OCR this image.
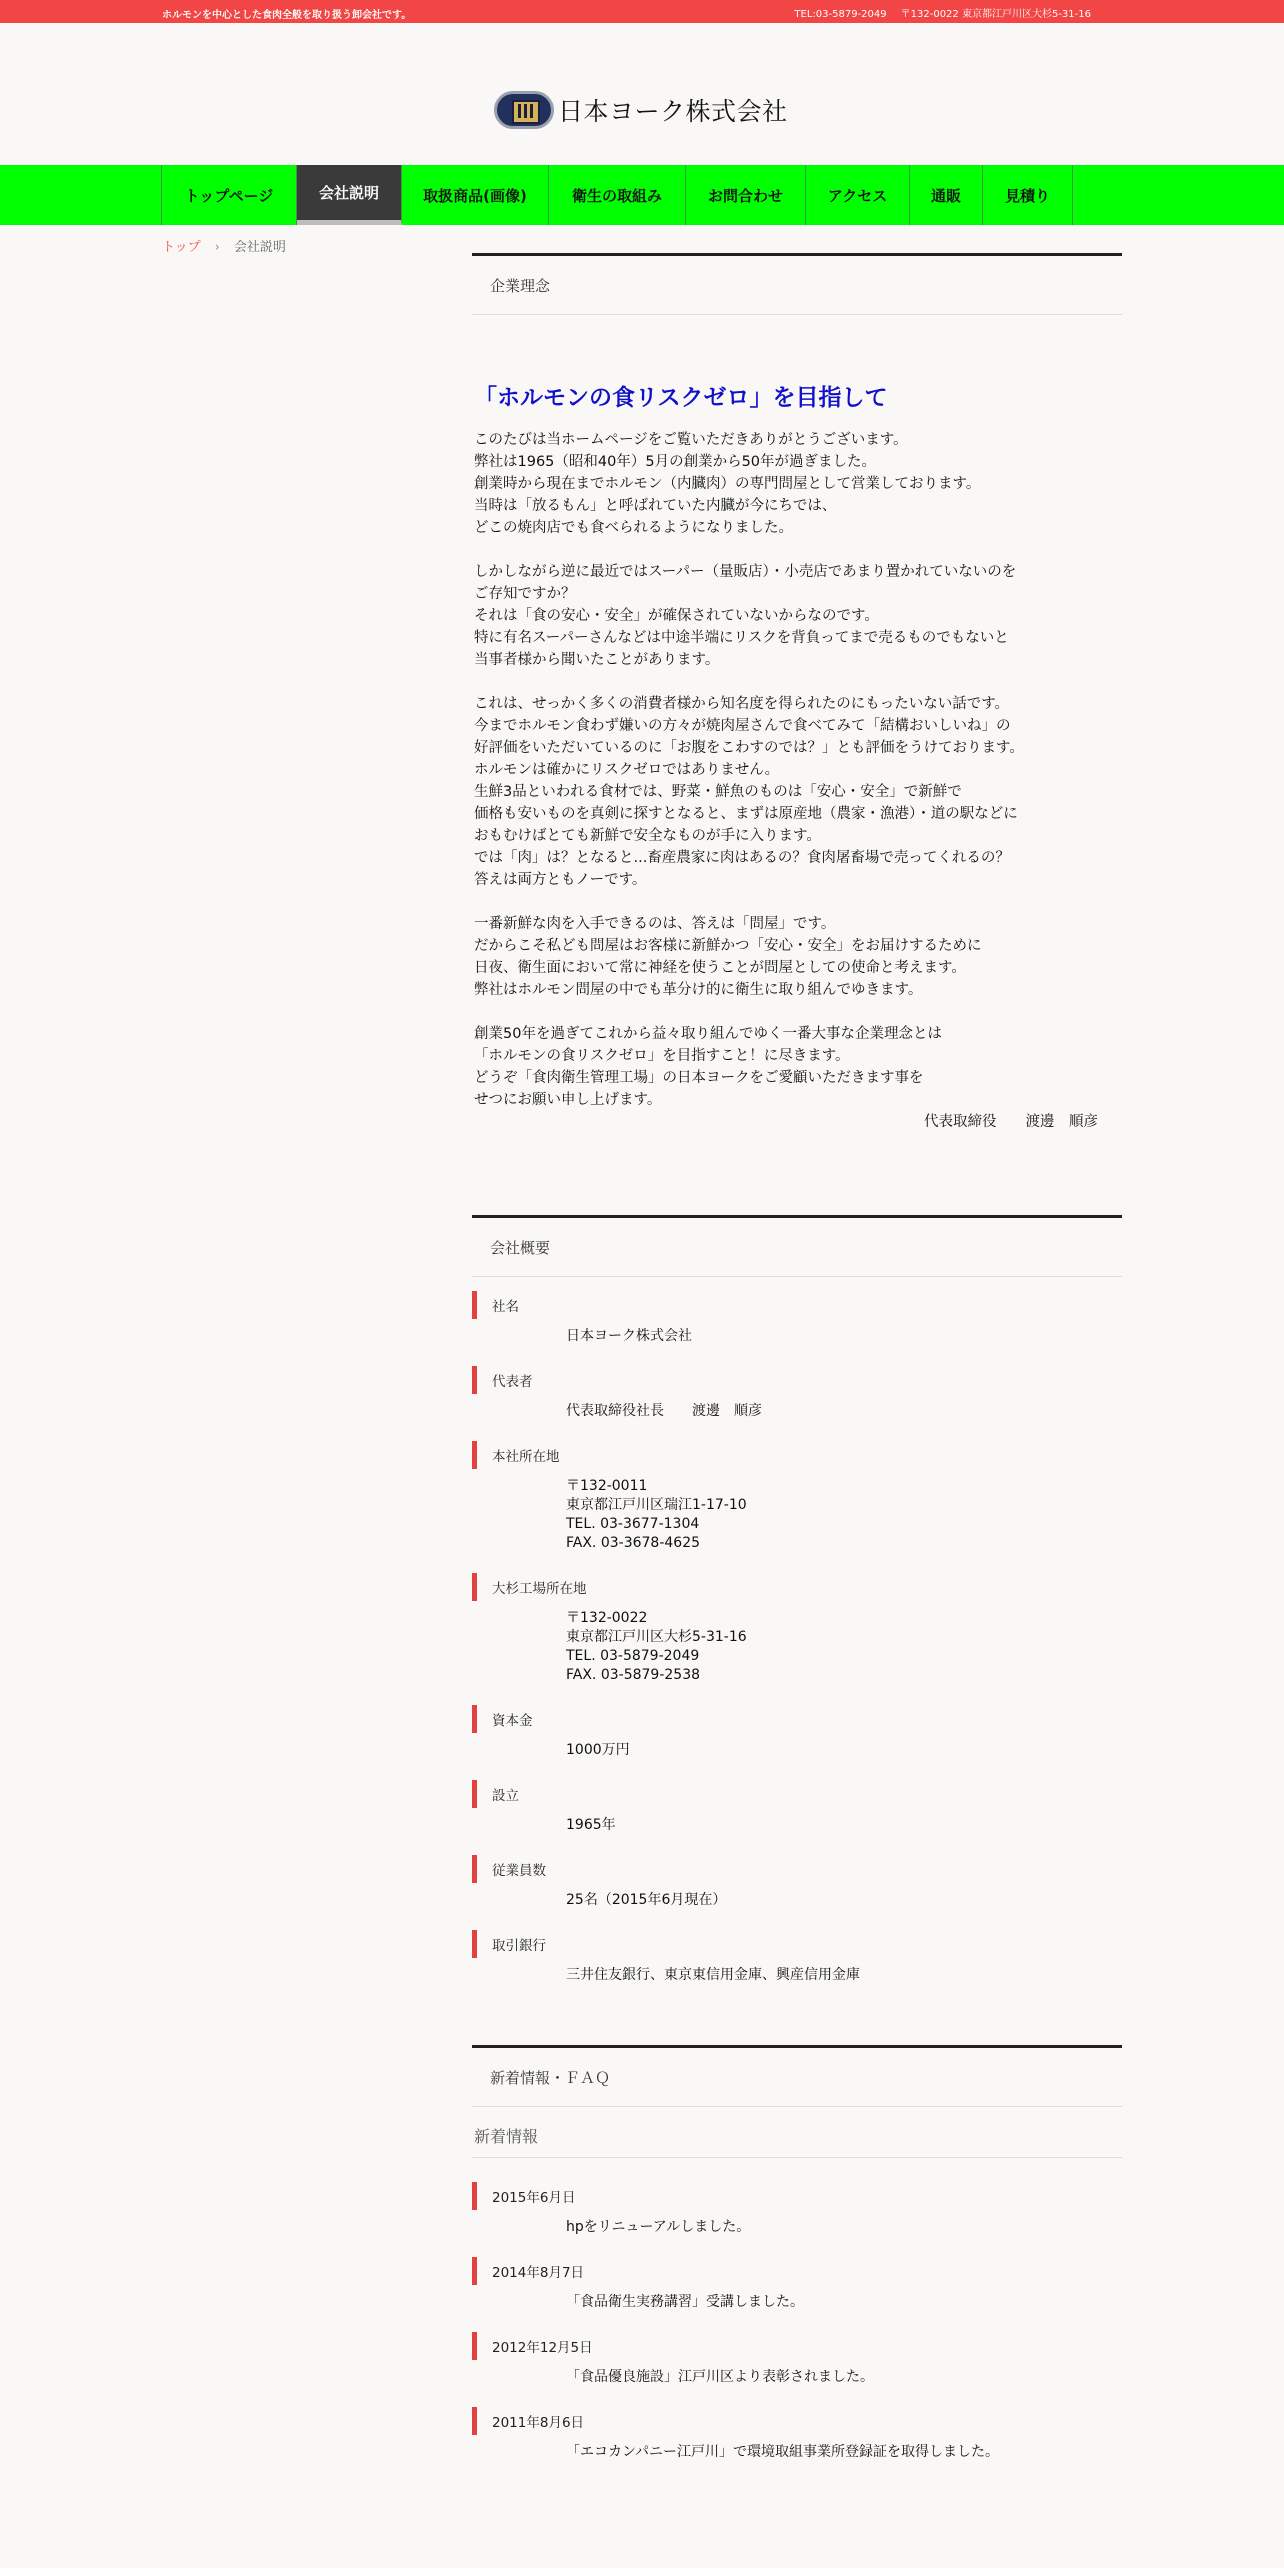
ホルモンを中心とした食肉全般を取り扱う卸会社です。	TEL:03-5879-2049 〒132-0022 東京都江戸川区大杉5-31-16
日本ヨーク株式会社
トップページ	会社説明	取扱商品(画像)	衛生の取組み	お問合わせ	アクセス	通販	見積り
トップ › 会社説明
企業理念
「ホルモンの食リスクゼロ」を目指して

このたびは当ホームページをご覧いただきありがとうございます。
弊社は1965（昭和40年）5月の創業から50年が過ぎました。
創業時から現在までホルモン（内臓肉）の専門問屋として営業しております。
当時は「放るもん」と呼ばれていた内臓が今にちでは、
どこの焼肉店でも食べられるようになりました。

しかしながら逆に最近ではスーパー（量販店）・小売店であまり置かれていないのを
ご存知ですか？
それは「食の安心・安全」が確保されていないからなのです。
特に有名スーパーさんなどは中途半端にリスクを背負ってまで売るものでもないと
当事者様から聞いたことがあります。

これは、せっかく多くの消費者様から知名度を得られたのにもったいない話です。
今までホルモン食わず嫌いの方々が焼肉屋さんで食べてみて「結構おいしいね」の
好評価をいただいているのに「お腹をこわすのでは？」とも評価をうけております。
ホルモンは確かにリスクゼロではありません。
生鮮3品といわれる食材では、野菜・鮮魚のものは「安心・安全」で新鮮で
価格も安いものを真剣に探すとなると、まずは原産地（農家・漁港）・道の駅などに
おもむけばとても新鮮で安全なものが手に入ります。
では「肉」は？となると...畜産農家に肉はあるの？食肉屠畜場で売ってくれるの？
答えは両方ともノーです。

一番新鮮な肉を入手できるのは、答えは「問屋」です。
だからこそ私ども問屋はお客様に新鮮かつ「安心・安全」をお届けするために
日夜、衛生面において常に神経を使うことが問屋としての使命と考えます。
弊社はホルモン問屋の中でも革分け的に衛生に取り組んでゆきます。

創業50年を過ぎてこれから益々取り組んでゆく一番大事な企業理念とは
「ホルモンの食リスクゼロ」を目指すこと！に尽きます。
どうぞ「食肉衛生管理工場」の日本ヨークをご愛顧いただきます事を
せつにお願い申し上げます。

代表取締役　　渡邊　順彦
会社概要
社名
日本ヨーク株式会社
代表者
代表取締役社長　　渡邊　順彦
本社所在地
〒132-0011
東京都江戸川区瑞江1-17-10
TEL. 03-3677-1304
FAX. 03-3678-4625
大杉工場所在地
〒132-0022
東京都江戸川区大杉5-31-16
TEL. 03-5879-2049
FAX. 03-5879-2538
資本金
1000万円
設立
1965年
従業員数
25名（2015年6月現在）
取引銀行
三井住友銀行、東京東信用金庫、興産信用金庫
新着情報・ＦＡＱ
新着情報
2015年6月日
hpをリニューアルしました。
2014年8月7日
「食品衛生実務講習」受講しました。
2012年12月5日
「食品優良施設」江戸川区より表彰されました。
2011年8月6日
「エコカンパニー江戸川」で環境取組事業所登録証を取得しました。
